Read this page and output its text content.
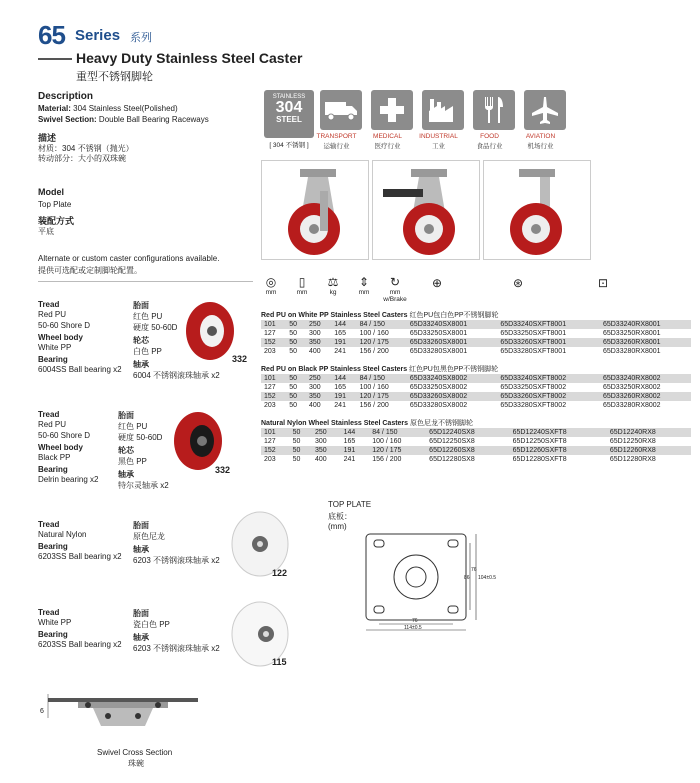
65 Series 系列
Heavy Duty Stainless Steel Caster
重型不锈钢脚轮
Description
Material: 304 Stainless Steel(Polished)
Swivel Section: Double Ball Bearing Raceways
描述
材质：304 不锈钢（抛光）
转动部分：大小的双珠碗
Model
Top Plate
装配方式
平底
Alternate or custom caster configurations available.
提供可选配或定制脚轮配置。
STAINLESS
304
STEEL
[ 304 不锈钢 ]
TRANSPORT
运输行业
MEDICAL
医疗行业
INDUSTRIAL
工业
FOOD
食品行业
AVIATION
机场行业
◎
mm
▯
mm
⚖
kg
⇕
mm
↻
mm
w/Brake
⊕	⊛	⊡
Red PU on White PP Stainless Steel Casters 红色PU包白色PP不锈钢脚轮
101	50	250	144	84 / 150	65D33240SX8001	65D33240SXFT8001	65D33240RX8001
127	50	300	165	100 / 160	65D33250SX8001	65D33250SXFT8001	65D33250RX8001
152	50	350	191	120 / 175	65D33260SX8001	65D33260SXFT8001	65D33260RX8001
203	50	400	241	156 / 200	65D33280SX8001	65D33280SXFT8001	65D33280RX8001
Red PU on Black PP Stainless Steel Casters 红色PU包黑色PP不锈钢脚轮
101	50	250	144	84 / 150	65D33240SX8002	65D33240SXFT8002	65D33240RX8002
127	50	300	165	100 / 160	65D33250SX8002	65D33250SXFT8002	65D33250RX8002
152	50	350	191	120 / 175	65D33260SX8002	65D33260SXFT8002	65D33260RX8002
203	50	400	241	156 / 200	65D33280SX8002	65D33280SXFT8002	65D33280RX8002
Natural Nylon Wheel Stainless Steel Casters 原色尼龙不锈钢脚轮
101	50	250	144	84 / 150	65D12240SX8	65D12240SXFT8	65D12240RX8
127	50	300	165	100 / 160	65D12250SX8	65D12250SXFT8	65D12250RX8
152	50	350	191	120 / 175	65D12260SX8	65D12260SXFT8	65D12260RX8
203	50	400	241	156 / 200	65D12280SX8	65D12280SXFT8	65D12280RX8
Tread
Red PU
50-60 Shore D
Wheel body
White PP
Bearing
6004SS Ball bearing x2
胎面
红色 PU
硬度 50-60D
轮芯
白色 PP
轴承
6004 不锈钢滚珠轴承 x2
332
Tread
Red PU
50-60 Shore D
Wheel body
Black PP
Bearing
Delrin bearing x2
胎面
红色 PU
硬度 50-60D
轮芯
黑色 PP
轴承
特尔灵轴承 x2
332
Tread
Natural Nylon
Bearing
6203SS Ball bearing x2
胎面
原色尼龙
轴承
6203 不锈钢滚珠轴承 x2
122
Tread
White PP
Bearing
6203SS Ball bearing x2
胎面
瓷白色 PP
轴承
6203 不锈钢滚珠轴承 x2
115
TOP PLATE
底板：
(mm)
76
114±0.5
86
76
104±0.5
6
Swivel Cross Section
珠碗
